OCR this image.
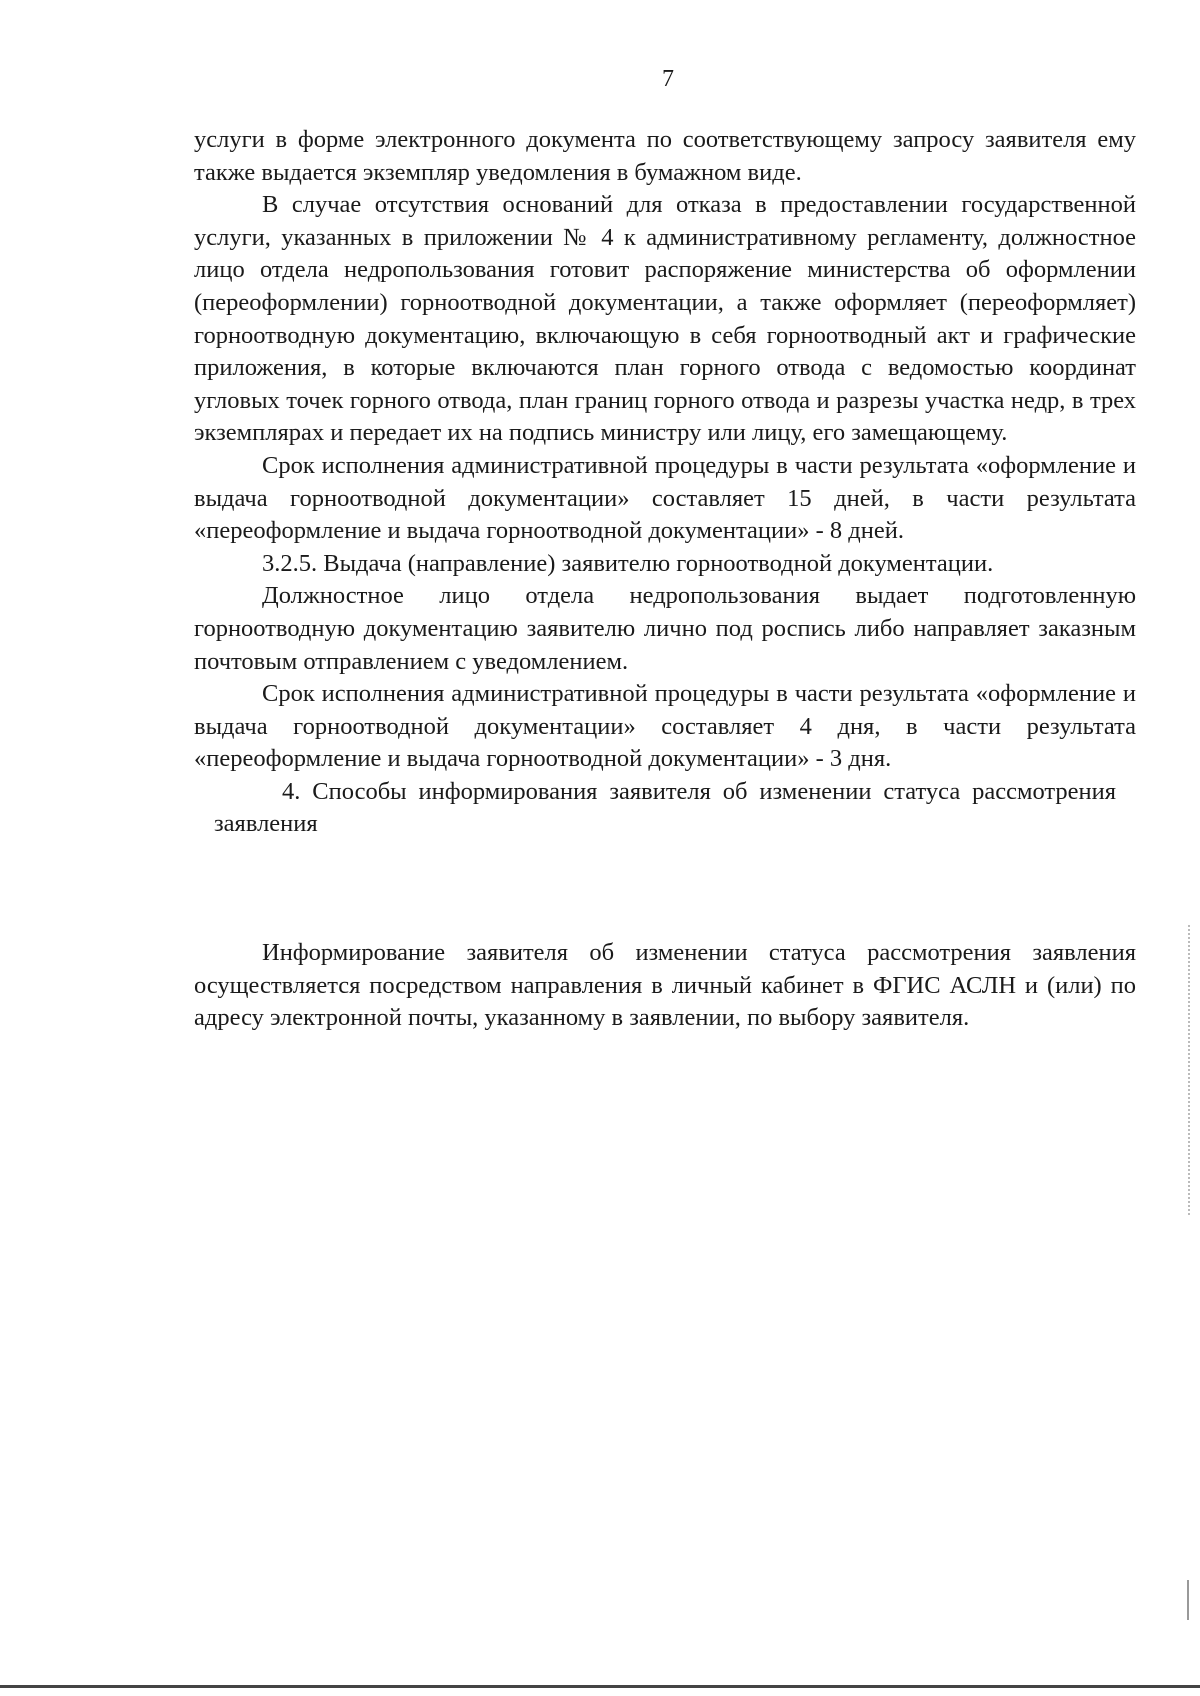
7

услуги в форме электронного документа по соответствующему запросу заявителя ему также выдается экземпляр уведомления в бумажном виде.

В случае отсутствия оснований для отказа в предоставлении государственной услуги, указанных в приложении № 4 к административному регламенту, должностное лицо отдела недропользования готовит распоряжение министерства об оформлении (переоформлении) горноотводной документации, а также оформляет (переоформляет) горноотводную документацию, включающую в себя горноотводный акт и графические приложения, в которые включаются план горного отвода с ведомостью координат угловых точек горного отвода, план границ горного отвода и разрезы участка недр, в трех экземплярах и передает их на подпись министру или лицу, его замещающему.

Срок исполнения административной процедуры в части результата «оформление и выдача горноотводной документации» составляет 15 дней, в части результата «переоформление и выдача горноотводной документации» - 8 дней.

3.2.5. Выдача (направление) заявителю горноотводной документации.

Должностное лицо отдела недропользования выдает подготовленную горноотводную документацию заявителю лично под роспись либо направляет заказным почтовым отправлением с уведомлением.

Срок исполнения административной процедуры в части результата «оформление и выдача горноотводной документации» составляет 4 дня, в части результата «переоформление и выдача горноотводной документации» - 3 дня.

4. Способы информирования заявителя об изменении статуса рассмотрения заявления

Информирование заявителя об изменении статуса рассмотрения заявления осуществляется посредством направления в личный кабинет в ФГИС АСЛН и (или) по адресу электронной почты, указанному в заявлении, по выбору заявителя.
